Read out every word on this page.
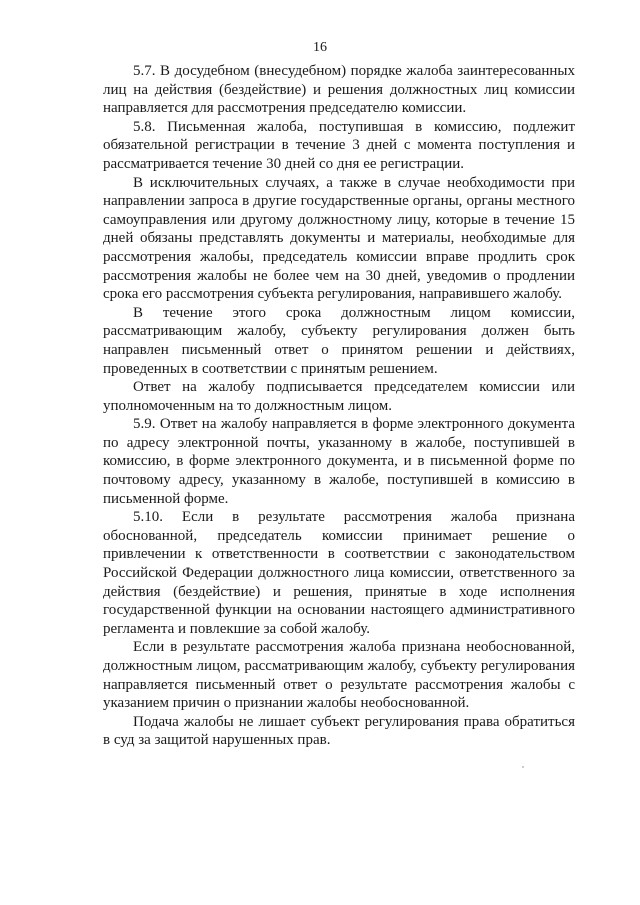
16

5.7. В досудебном (внесудебном) порядке жалоба заинтересованных лиц на действия (бездействие) и решения должностных лиц комиссии направляется для рассмотрения председателю комиссии.

5.8. Письменная жалоба, поступившая в комиссию, подлежит обязательной регистрации в течение 3 дней с момента поступления и рассматривается течение 30 дней со дня ее регистрации.

В исключительных случаях, а также в случае необходимости при направлении запроса в другие государственные органы, органы местного самоуправления или другому должностному лицу, которые в течение 15 дней обязаны представлять документы и материалы, необходимые для рассмотрения жалобы, председатель комиссии вправе продлить срок рассмотрения жалобы не более чем на 30 дней, уведомив о продлении срока его рассмотрения субъекта регулирования, направившего жалобу.

В течение этого срока должностным лицом комиссии, рассматривающим жалобу, субъекту регулирования должен быть направлен письменный ответ о принятом решении и действиях, проведенных в соответствии с принятым решением.

Ответ на жалобу подписывается председателем комиссии или уполномоченным на то должностным лицом.

5.9. Ответ на жалобу направляется в форме электронного документа по адресу электронной почты, указанному в жалобе, поступившей в комиссию, в форме электронного документа, и в письменной форме по почтовому адресу, указанному в жалобе, поступившей в комиссию в письменной форме.

5.10. Если в результате рассмотрения жалоба признана обоснованной, председатель комиссии принимает решение о привлечении к ответственности в соответствии с законодательством Российской Федерации должностного лица комиссии, ответственного за действия (бездействие) и решения, принятые в ходе исполнения государственной функции на основании настоящего административного регламента и повлекшие за собой жалобу.

Если в результате рассмотрения жалоба признана необоснованной, должностным лицом, рассматривающим жалобу, субъекту регулирования направляется письменный ответ о результате рассмотрения жалобы с указанием причин о признании жалобы необоснованной.

Подача жалобы не лишает субъект регулирования права обратиться в суд за защитой нарушенных прав.
